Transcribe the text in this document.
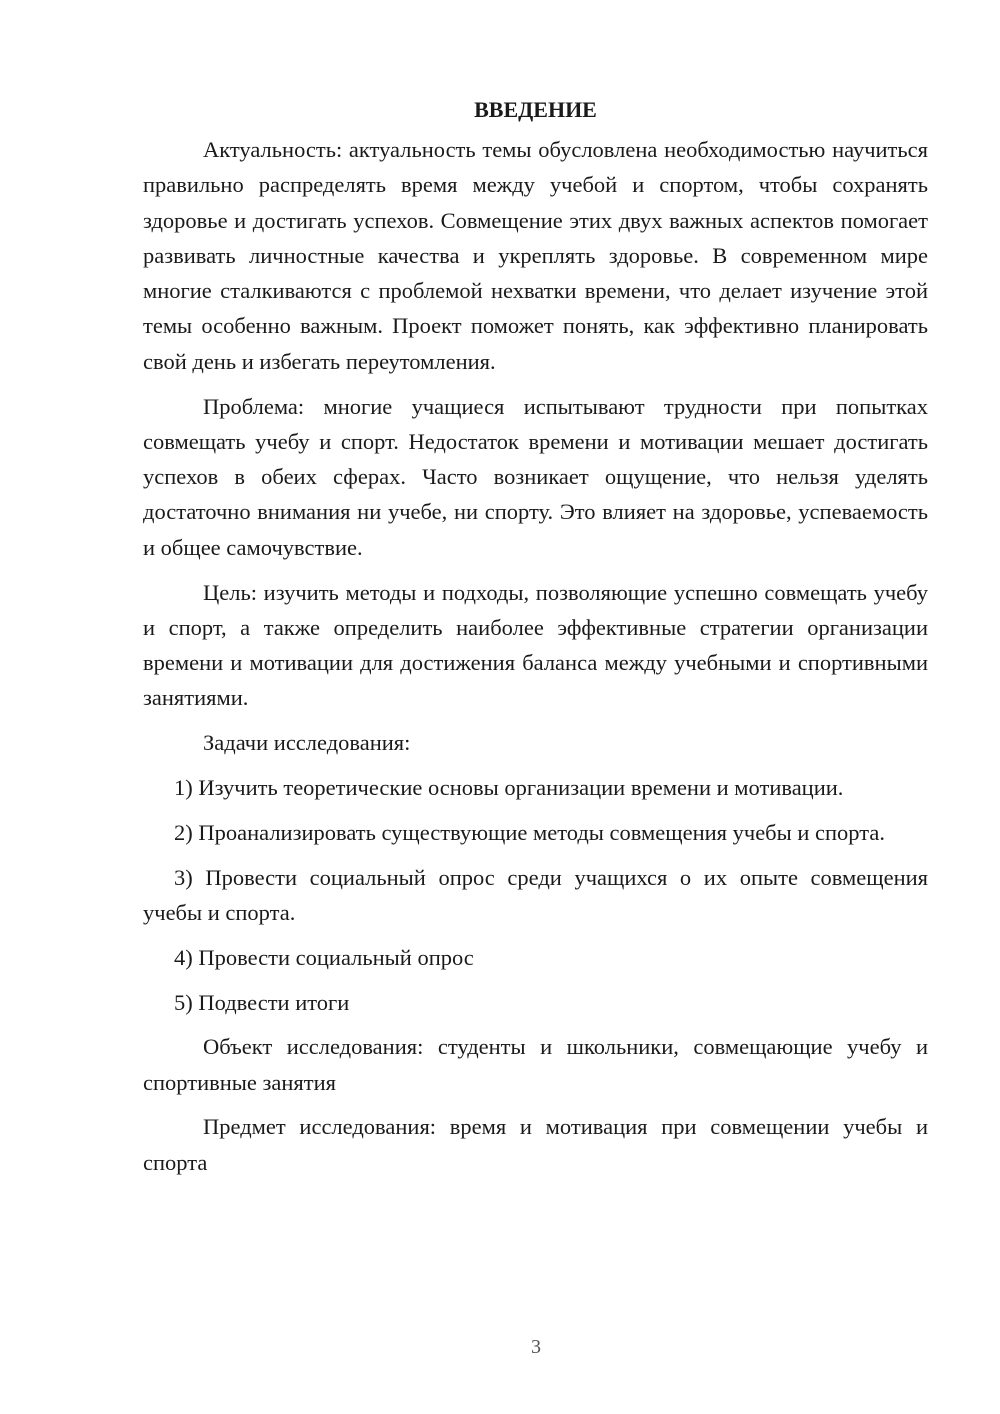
ВВЕДЕНИЕ

Актуальность: актуальность темы обусловлена необходимостью научиться правильно распределять время между учебой и спортом, чтобы сохранять здоровье и достигать успехов. Совмещение этих двух важных аспектов помогает развивать личностные качества и укреплять здоровье. В современном мире многие сталкиваются с проблемой нехватки времени, что делает изучение этой темы особенно важным. Проект поможет понять, как эффективно планировать свой день и избегать переутомления.

Проблема: многие учащиеся испытывают трудности при попытках совмещать учебу и спорт. Недостаток времени и мотивации мешает достигать успехов в обеих сферах. Часто возникает ощущение, что нельзя уделять достаточно внимания ни учебе, ни спорту. Это влияет на здоровье, успеваемость и общее самочувствие.

Цель: изучить методы и подходы, позволяющие успешно совмещать учебу и спорт, а также определить наиболее эффективные стратегии организации времени и мотивации для достижения баланса между учебными и спортивными занятиями.

Задачи исследования:

1) Изучить теоретические основы организации времени и мотивации.

2) Проанализировать существующие методы совмещения учебы и спорта.

3) Провести социальный опрос среди учащихся о их опыте совмещения учебы и спорта.

4) Провести социальный опрос

5) Подвести итоги

Объект исследования: студенты и школьники, совмещающие учебу и спортивные занятия

Предмет исследования: время и мотивация при совмещении учебы и спорта

3
